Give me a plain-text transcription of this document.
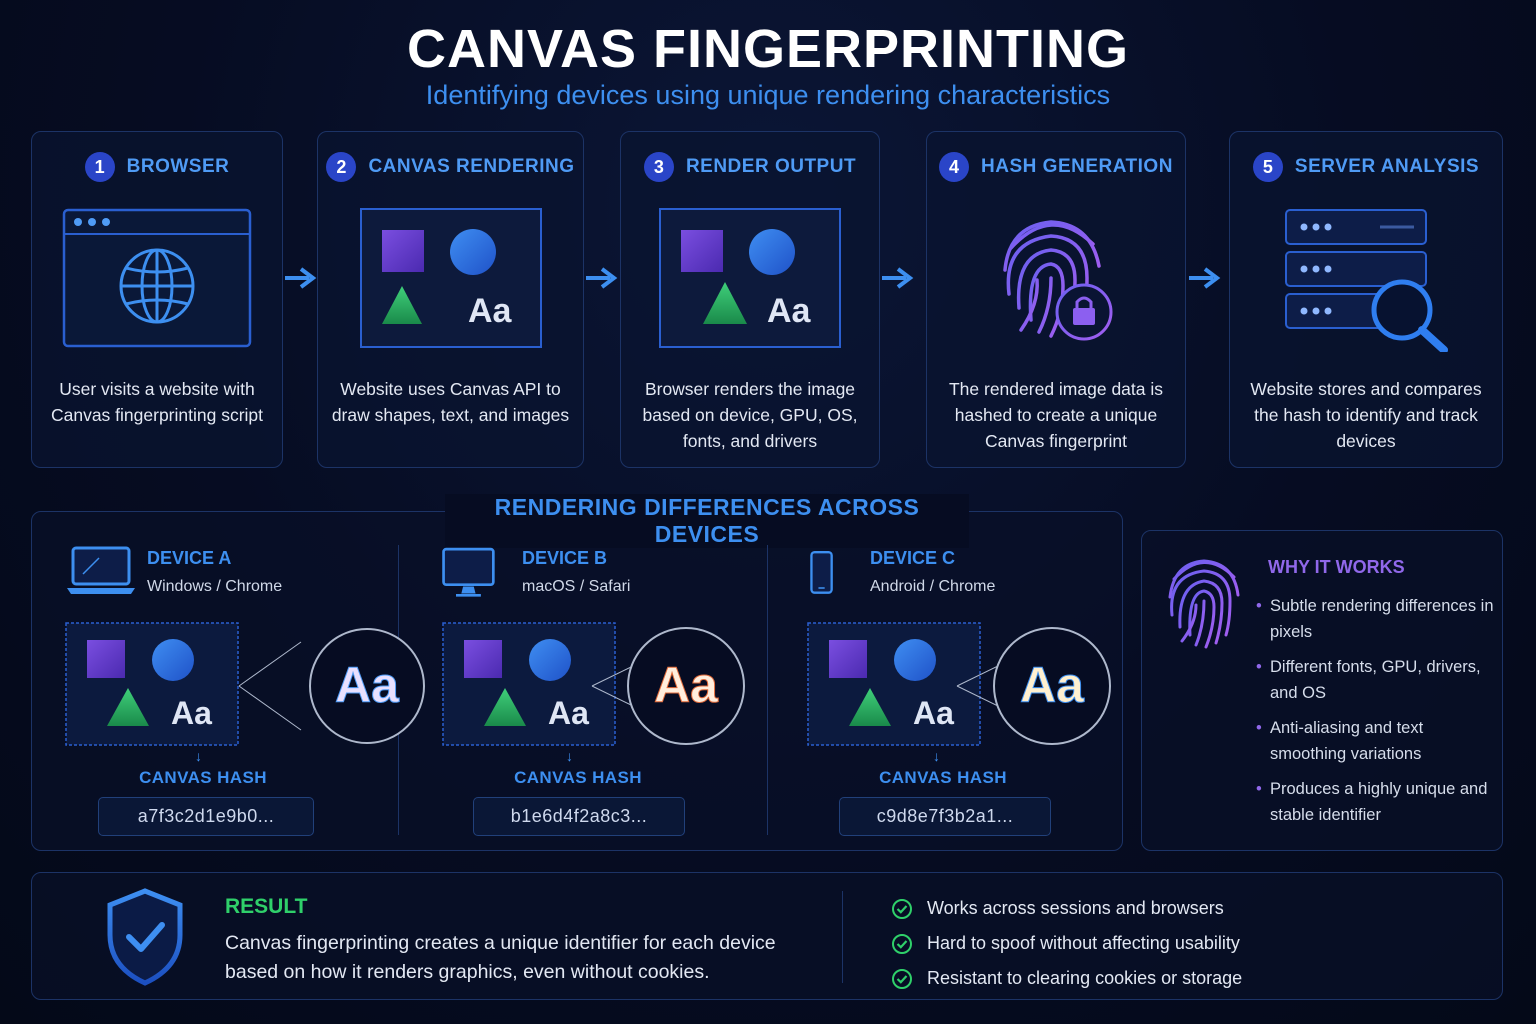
CANVAS FINGERPRINTING
Identifying devices using unique rendering characteristics
1	BROWSER
User visits a website with Canvas fingerprinting script
2	CANVAS RENDERING
Aa
Website uses Canvas API to draw shapes, text, and images
3	RENDER OUTPUT
Aa
Browser renders the image based on device, GPU, OS, fonts, and drivers
4	HASH GENERATION
The rendered image data is hashed to create a unique Canvas fingerprint
5	SERVER ANALYSIS
Website stores and compares the hash to identify and track devices
RENDERING DIFFERENCES ACROSS DEVICES
DEVICE A
Windows / Chrome
Aa Aa
↓
CANVAS HASH
a7f3c2d1e9b0...
DEVICE B
macOS / Safari
Aa Aa
↓
CANVAS HASH
b1e6d4f2a8c3...
DEVICE C
Android / Chrome
Aa Aa
↓
CANVAS HASH
c9d8e7f3b2a1...
WHY IT WORKS
• Subtle rendering differences in pixels
• Different fonts, GPU, drivers, and OS
• Anti-aliasing and text smoothing variations
• Produces a highly unique and stable identifier
RESULT
Canvas fingerprinting creates a unique identifier for each device based on how it renders graphics, even without cookies.
Works across sessions and browsers
Hard to spoof without affecting usability
Resistant to clearing cookies or storage
